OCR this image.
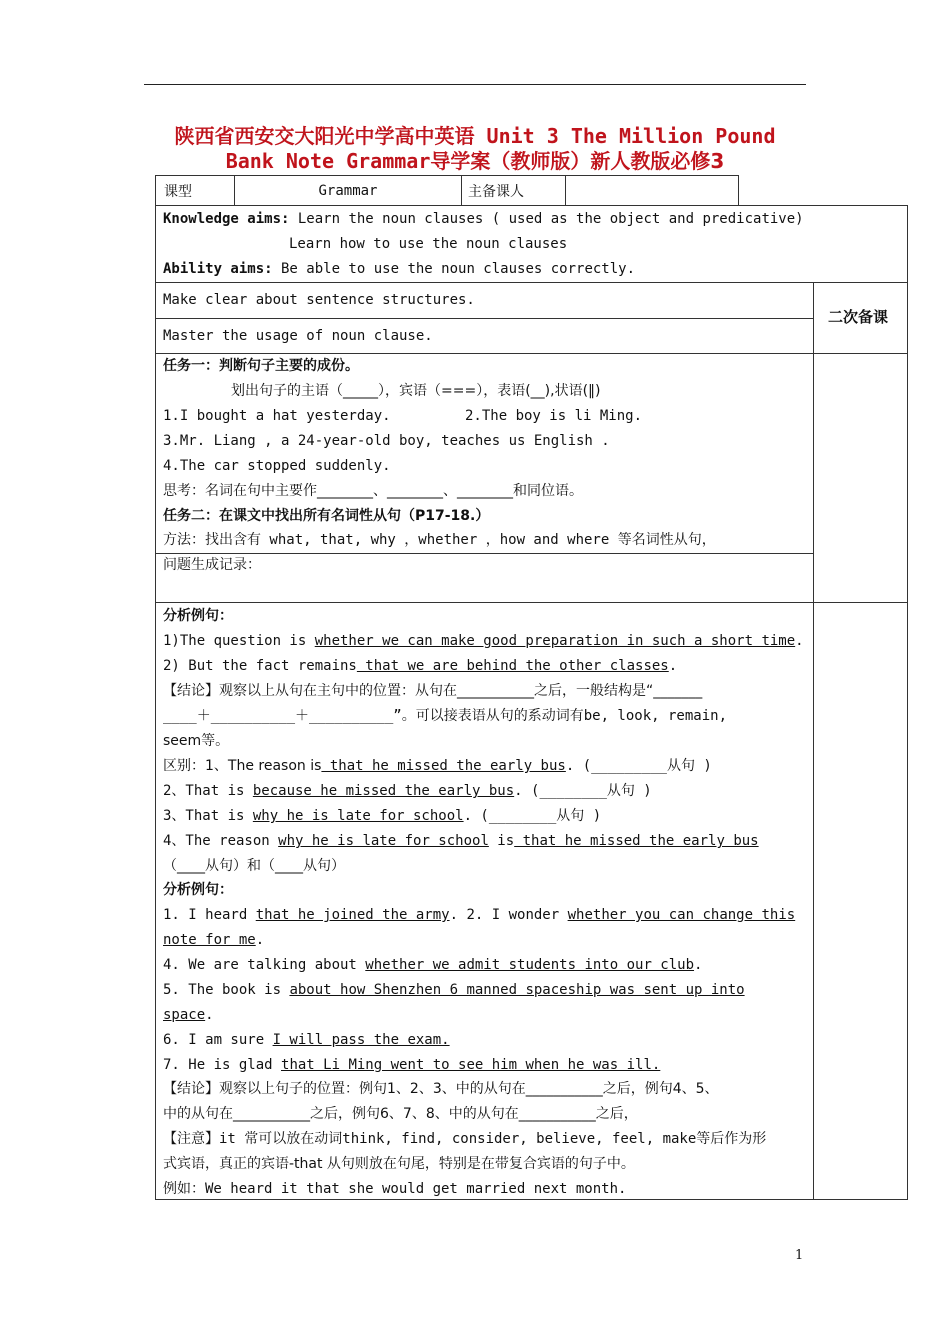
陕西省西安交大阳光中学高中英语 Unit 3 The Million Pound
Bank Note Grammar导学案（教师版）新人教版必修3
课型	Grammar	主备课人	
Knowledge aims: Learn the noun clauses ( used as the object and predicative)
Learn how to use the noun clauses
Ability aims: Be able to use the noun clauses correctly.
Make clear about sentence structures.
Master the usage of noun clause.
二次备课
任务一：判断句子主要的成份。
划出句子的主语（_____），宾语（===），表语(__),状语(‖)
1.I bought a hat yesterday.	2.The boy is li Ming.
3.Mr. Liang , a 24-year-old boy, teaches us English .
4.The car stopped suddenly.
思考：名词在句中主要作________、________、________和同位语。
任务二：在课文中找出所有名词性从句（P17-18.）
方法：找出含有 what, that, why ，whether ，how and where 等名词性从句，
问题生成记录：
分析例句：
1)The question is whether we can make good preparation in such a short time.
2) But the fact remains that we are behind the other classes.
【结论】观察以上从句在主句中的位置：从句在___________之后，一般结构是“_______
____＋__________＋__________”。可以接表语从句的系动词有be, look, remain,
seem等。
区别：1、The reason is that he missed the early bus. (_________从句 )
2、That is because he missed the early bus. (________从句 )
3、That is why he is late for school. (________从句 )
4、The reason why he is late for school is that he missed the early bus
（____从句）和（____从句）
分析例句：
1. I heard that he joined the army. 2. I wonder whether you can change this
note for me.
4. We are talking about whether we admit students into our club.
5. The book is about how Shenzhen 6 manned spaceship was sent up into
space.
6. I am sure I will pass the exam.
7. He is glad that Li Ming went to see him when he was ill.
【结论】观察以上句子的位置：例句1、2、3、中的从句在___________之后，例句4、5、
中的从句在___________之后，例句6、7、8、中的从句在___________之后，
【注意】it 常可以放在动词think, find, consider, believe, feel, make等后作为形
式宾语，真正的宾语-that 从句则放在句尾，特别是在带复合宾语的句子中。
例如：We heard it that she would get married next month.
1
